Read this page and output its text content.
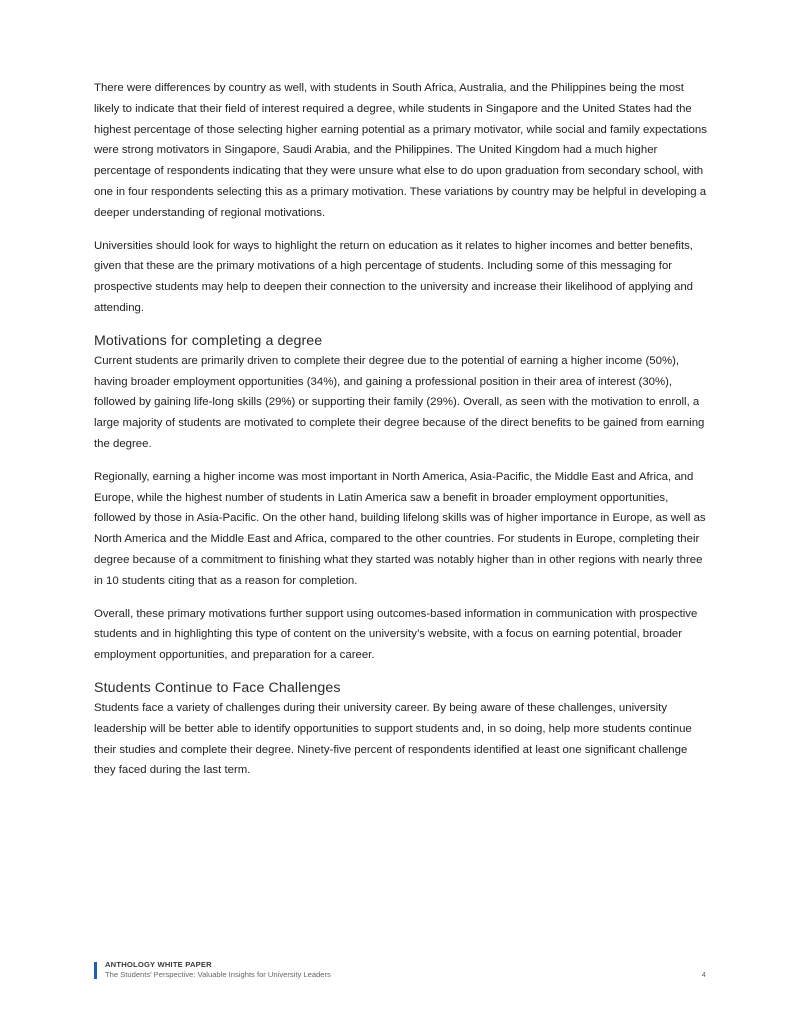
There were differences by country as well, with students in South Africa, Australia, and the Philippines being the most likely to indicate that their field of interest required a degree, while students in Singapore and the United States had the highest percentage of those selecting higher earning potential as a primary motivator, while social and family expectations were strong motivators in Singapore, Saudi Arabia, and the Philippines. The United Kingdom had a much higher percentage of respondents indicating that they were unsure what else to do upon graduation from secondary school, with one in four respondents selecting this as a primary motivation. These variations by country may be helpful in developing a deeper understanding of regional motivations.

Universities should look for ways to highlight the return on education as it relates to higher incomes and better benefits, given that these are the primary motivations of a high percentage of students. Including some of this messaging for prospective students may help to deepen their connection to the university and increase their likelihood of applying and attending.

Motivations for completing a degree

Current students are primarily driven to complete their degree due to the potential of earning a higher income (50%), having broader employment opportunities (34%), and gaining a professional position in their area of interest (30%), followed by gaining life-long skills (29%) or supporting their family (29%). Overall, as seen with the motivation to enroll, a large majority of students are motivated to complete their degree because of the direct benefits to be gained from earning the degree.

Regionally, earning a higher income was most important in North America, Asia-Pacific, the Middle East and Africa, and Europe, while the highest number of students in Latin America saw a benefit in broader employment opportunities, followed by those in Asia-Pacific. On the other hand, building lifelong skills was of higher importance in Europe, as well as North America and the Middle East and Africa, compared to the other countries. For students in Europe, completing their degree because of a commitment to finishing what they started was notably higher than in other regions with nearly three in 10 students citing that as a reason for completion.

Overall, these primary motivations further support using outcomes-based information in communication with prospective students and in highlighting this type of content on the university’s website, with a focus on earning potential, broader employment opportunities, and preparation for a career.

Students Continue to Face Challenges

Students face a variety of challenges during their university career. By being aware of these challenges, university leadership will be better able to identify opportunities to support students and, in so doing, help more students continue their studies and complete their degree. Ninety-five percent of respondents identified at least one significant challenge they faced during the last term.

ANTHOLOGY WHITE PAPER
The Students’ Perspective: Valuable Insights for University Leaders	4
